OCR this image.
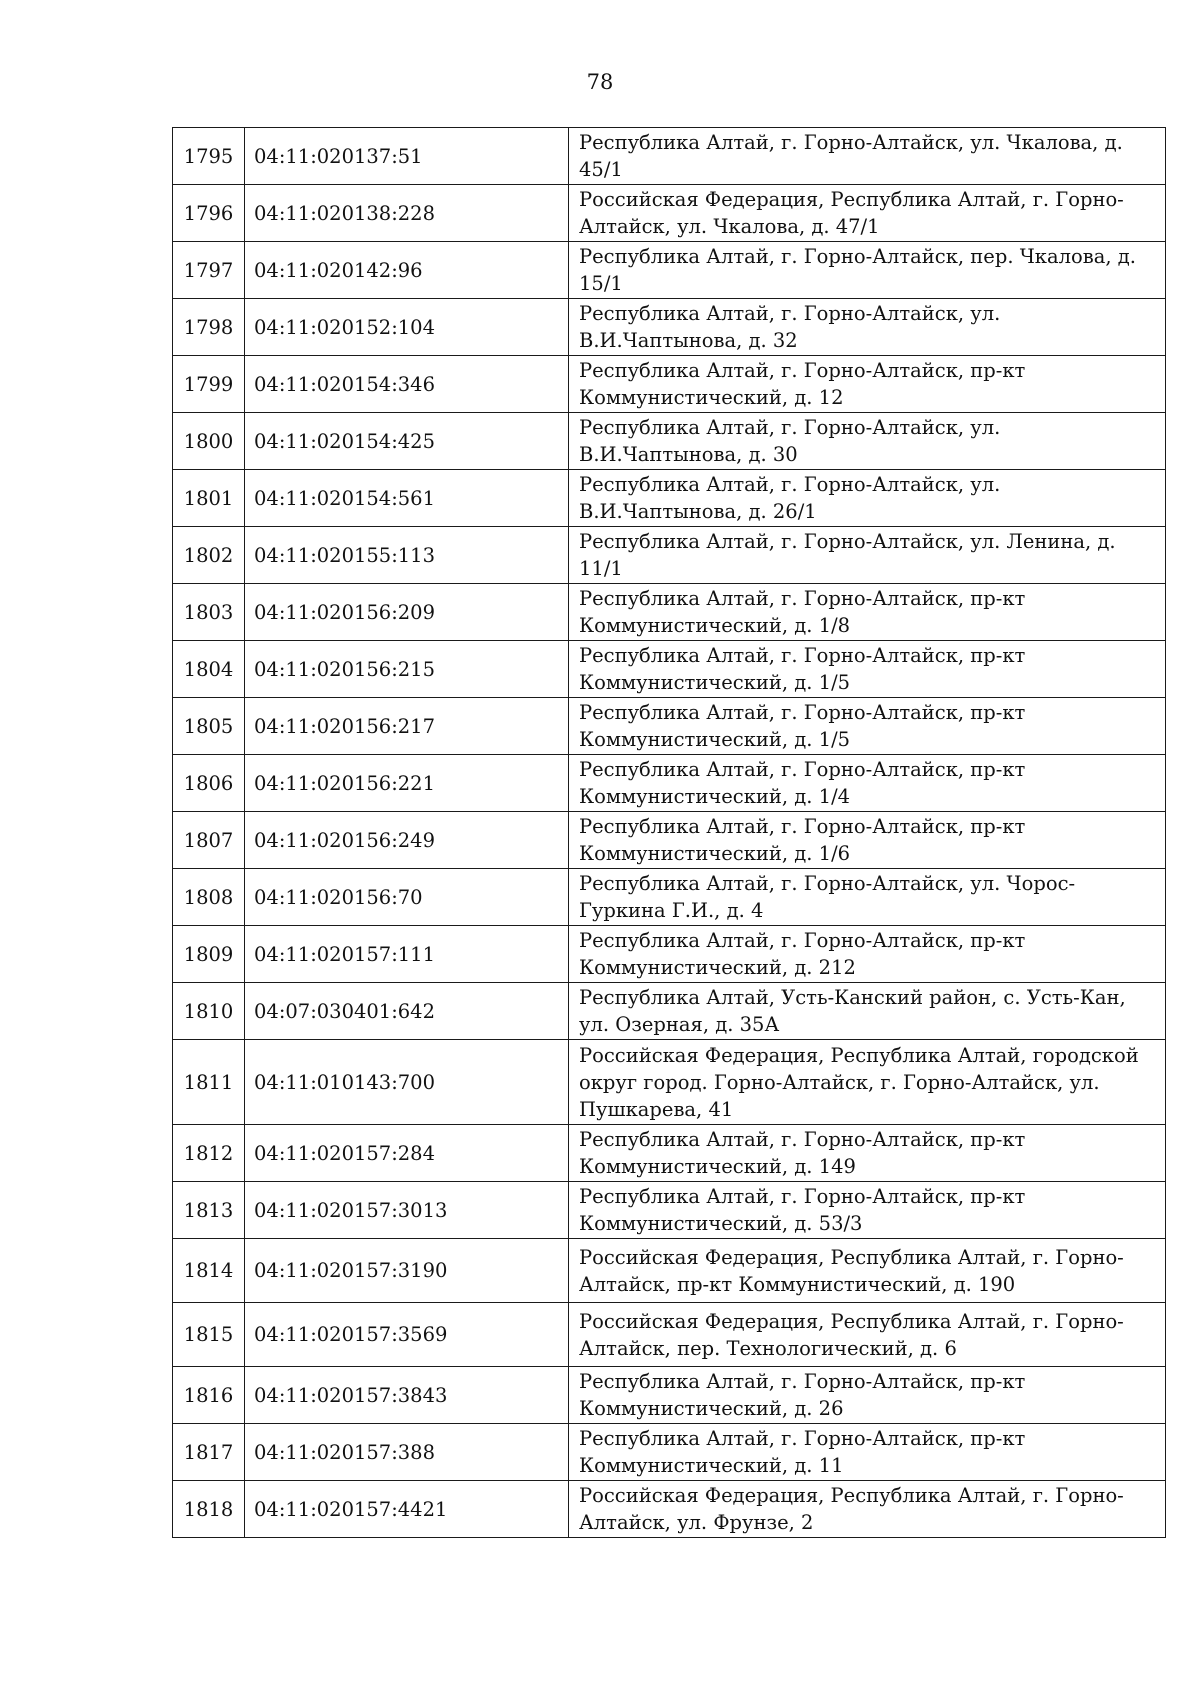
78
1795	04:11:020137:51	Республика Алтай, г. Горно-Алтайск, ул. Чкалова, д. 45/1
1796	04:11:020138:228	Российская Федерация, Республика Алтай, г. Горно-Алтайск, ул. Чкалова, д. 47/1
1797	04:11:020142:96	Республика Алтай, г. Горно-Алтайск, пер. Чкалова, д. 15/1
1798	04:11:020152:104	Республика Алтай, г. Горно-Алтайск, ул. В.И.Чаптынова, д. 32
1799	04:11:020154:346	Республика Алтай, г. Горно-Алтайск, пр-кт Коммунистический, д. 12
1800	04:11:020154:425	Республика Алтай, г. Горно-Алтайск, ул. В.И.Чаптынова, д. 30
1801	04:11:020154:561	Республика Алтай, г. Горно-Алтайск, ул. В.И.Чаптынова, д. 26/1
1802	04:11:020155:113	Республика Алтай, г. Горно-Алтайск, ул. Ленина, д. 11/1
1803	04:11:020156:209	Республика Алтай, г. Горно-Алтайск, пр-кт Коммунистический, д. 1/8
1804	04:11:020156:215	Республика Алтай, г. Горно-Алтайск, пр-кт Коммунистический, д. 1/5
1805	04:11:020156:217	Республика Алтай, г. Горно-Алтайск, пр-кт Коммунистический, д. 1/5
1806	04:11:020156:221	Республика Алтай, г. Горно-Алтайск, пр-кт Коммунистический, д. 1/4
1807	04:11:020156:249	Республика Алтай, г. Горно-Алтайск, пр-кт Коммунистический, д. 1/6
1808	04:11:020156:70	Республика Алтай, г. Горно-Алтайск, ул. Чорос-Гуркина Г.И., д. 4
1809	04:11:020157:111	Республика Алтай, г. Горно-Алтайск, пр-кт Коммунистический, д. 212
1810	04:07:030401:642	Республика Алтай, Усть-Канский район, с. Усть-Кан, ул. Озерная, д. 35А
1811	04:11:010143:700	Российская Федерация, Республика Алтай, городской округ город. Горно-Алтайск, г. Горно-Алтайск, ул. Пушкарева, 41
1812	04:11:020157:284	Республика Алтай, г. Горно-Алтайск, пр-кт Коммунистический, д. 149
1813	04:11:020157:3013	Республика Алтай, г. Горно-Алтайск, пр-кт Коммунистический, д. 53/3
1814	04:11:020157:3190	Российская Федерация, Республика Алтай, г. Горно-Алтайск, пр-кт Коммунистический, д. 190
1815	04:11:020157:3569	Российская Федерация, Республика Алтай, г. Горно-Алтайск, пер. Технологический, д. 6
1816	04:11:020157:3843	Республика Алтай, г. Горно-Алтайск, пр-кт Коммунистический, д. 26
1817	04:11:020157:388	Республика Алтай, г. Горно-Алтайск, пр-кт Коммунистический, д. 11
1818	04:11:020157:4421	Российская Федерация, Республика Алтай, г. Горно-Алтайск, ул. Фрунзе, 2
